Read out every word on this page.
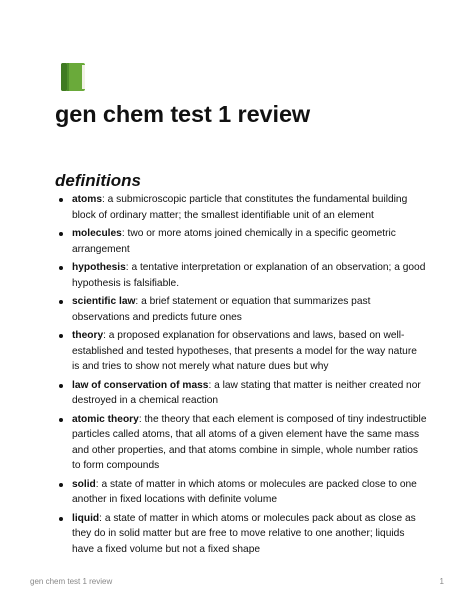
gen chem test 1 review
definitions
atoms: a submicroscopic particle that constitutes the fundamental building block of ordinary matter; the smallest identifiable unit of an element
molecules: two or more atoms joined chemically in a specific geometric arrangement
hypothesis: a tentative interpretation or explanation of an observation; a good hypothesis is falsifiable.
scientific law: a brief statement or equation that summarizes past observations and predicts future ones
theory: a proposed explanation for observations and laws, based on well-established and tested hypotheses, that presents a model for the way nature is and tries to show not merely what nature dues but why
law of conservation of mass: a law stating that matter is neither created nor destroyed in a chemical reaction
atomic theory: the theory that each element is composed of tiny indestructible particles called atoms, that all atoms of a given element have the same mass and other properties, and that atoms combine in simple, whole number ratios to form compounds
solid: a state of matter in which atoms or molecules are packed close to one another in fixed locations with definite volume
liquid: a state of matter in which atoms or molecules pack about as close as they do in solid matter but are free to move relative to one another; liquids have a fixed volume but not a fixed shape
gen chem test 1 review	1
